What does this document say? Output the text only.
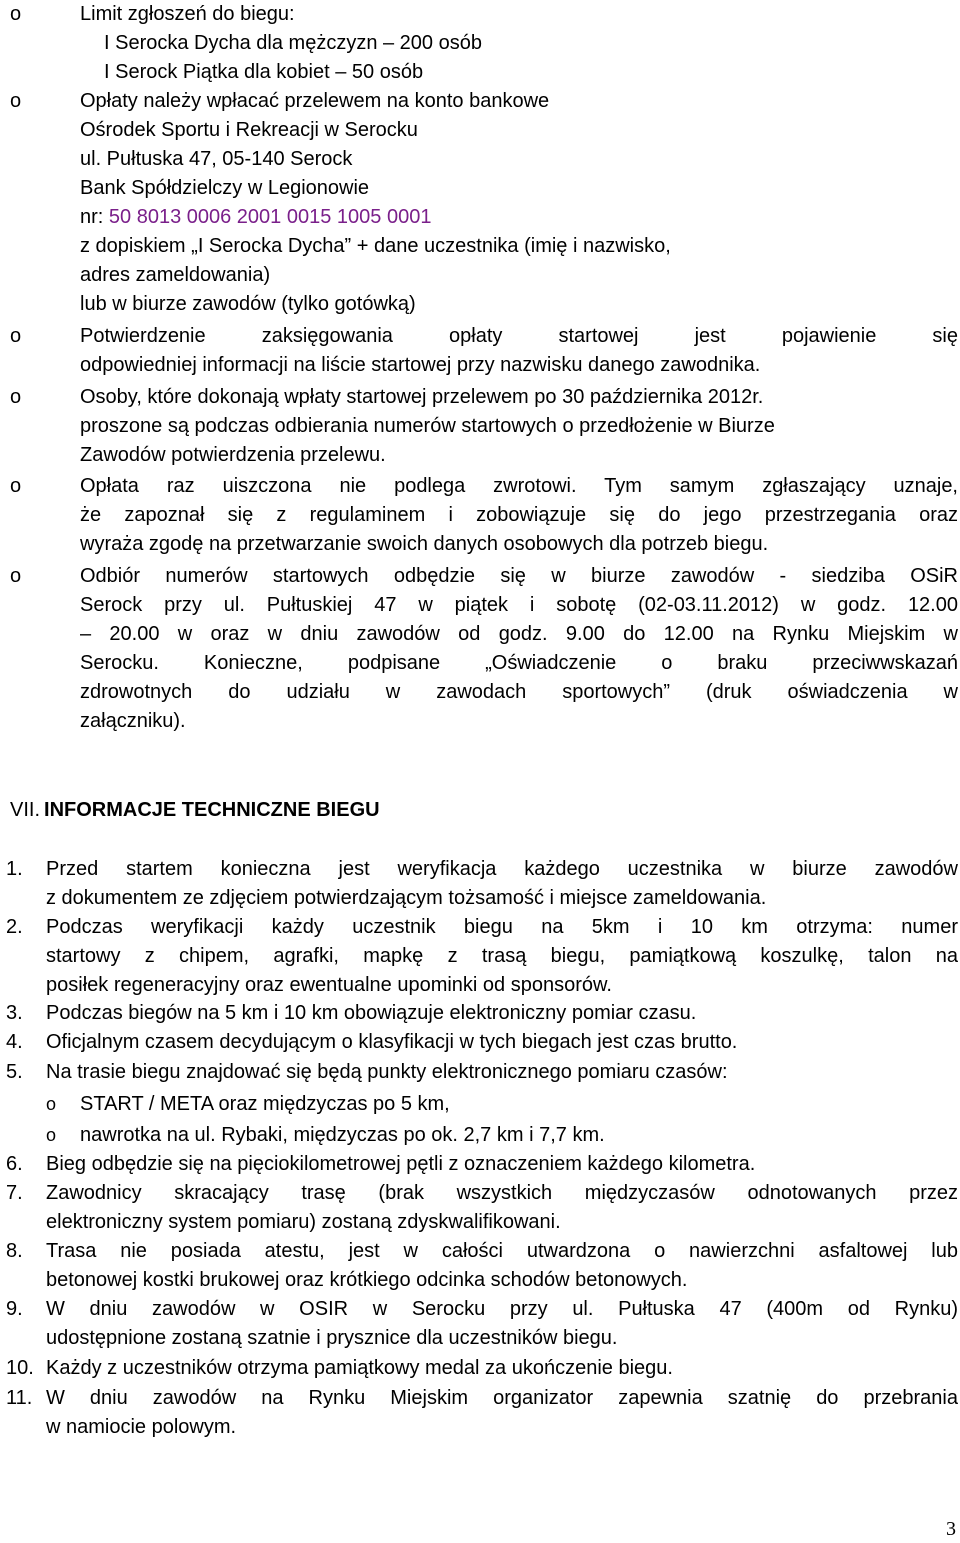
o	Limit zgłoszeń do biegu:
I Serocka Dycha dla mężczyzn – 200 osób
I Serock Piątka dla kobiet – 50 osób
o	Opłaty należy wpłacać przelewem na konto bankowe
Ośrodek Sportu i Rekreacji w Serocku
ul. Pułtuska 47, 05-140 Serock
Bank Spółdzielczy w Legionowie
nr: 50 8013 0006 2001 0015 1005 0001
z dopiskiem „I Serocka Dycha” + dane uczestnika (imię i nazwisko,
adres zameldowania)
lub w biurze zawodów (tylko gotówką)
o	Potwierdzenie zaksięgowania opłaty startowej jest pojawienie się
odpowiedniej informacji na liście startowej przy nazwisku danego zawodnika.
o	Osoby, które dokonają wpłaty startowej przelewem po 30 października 2012r.
proszone są podczas odbierania numerów startowych o przedłożenie w Biurze
Zawodów potwierdzenia przelewu.
o	Opłata raz uiszczona nie podlega zwrotowi. Tym samym zgłaszający uznaje,
że zapoznał się z regulaminem i zobowiązuje się do jego przestrzegania oraz
wyraża zgodę na przetwarzanie swoich danych osobowych dla potrzeb biegu.
o	Odbiór numerów startowych odbędzie się w biurze zawodów - siedziba OSiR
Serock przy ul. Pułtuskiej 47 w piątek i sobotę (02-03.11.2012) w godz. 12.00
– 20.00 w oraz w dniu zawodów od godz. 9.00 do 12.00 na Rynku Miejskim w
Serocku. Konieczne, podpisane „Oświadczenie o braku przeciwwskazań
zdrowotnych do udziału w zawodach sportowych” (druk oświadczenia w
załączniku).
VII. INFORMACJE TECHNICZNE BIEGU
1. Przed startem konieczna jest weryfikacja każdego uczestnika w biurze zawodów
z dokumentem ze zdjęciem potwierdzającym tożsamość i miejsce zameldowania.
2. Podczas weryfikacji każdy uczestnik biegu na 5km i 10 km otrzyma: numer
startowy z chipem, agrafki, mapkę z trasą biegu, pamiątkową koszulkę, talon na
posiłek regeneracyjny oraz ewentualne upominki od sponsorów.
3. Podczas biegów na 5 km i 10 km obowiązuje elektroniczny pomiar czasu.
4. Oficjalnym czasem decydującym o klasyfikacji w tych biegach jest czas brutto.
5. Na trasie biegu znajdować się będą punkty elektronicznego pomiaru czasów:
o START / META oraz międzyczas po 5 km,
o nawrotka na ul. Rybaki, międzyczas po ok. 2,7 km i 7,7 km.
6. Bieg odbędzie się na pięciokilometrowej pętli z oznaczeniem każdego kilometra.
7. Zawodnicy skracający trasę (brak wszystkich międzyczasów odnotowanych przez
elektroniczny system pomiaru) zostaną zdyskwalifikowani.
8. Trasa nie posiada atestu, jest w całości utwardzona o nawierzchni asfaltowej lub
betonowej kostki brukowej oraz krótkiego odcinka schodów betonowych.
9. W dniu zawodów w OSIR w Serocku przy ul. Pułtuska 47 (400m od Rynku)
udostępnione zostaną szatnie i prysznice dla uczestników biegu.
10. Każdy z uczestników otrzyma pamiątkowy medal za ukończenie biegu.
11. W dniu zawodów na Rynku Miejskim organizator zapewnia szatnię do przebrania
w namiocie polowym.
3
